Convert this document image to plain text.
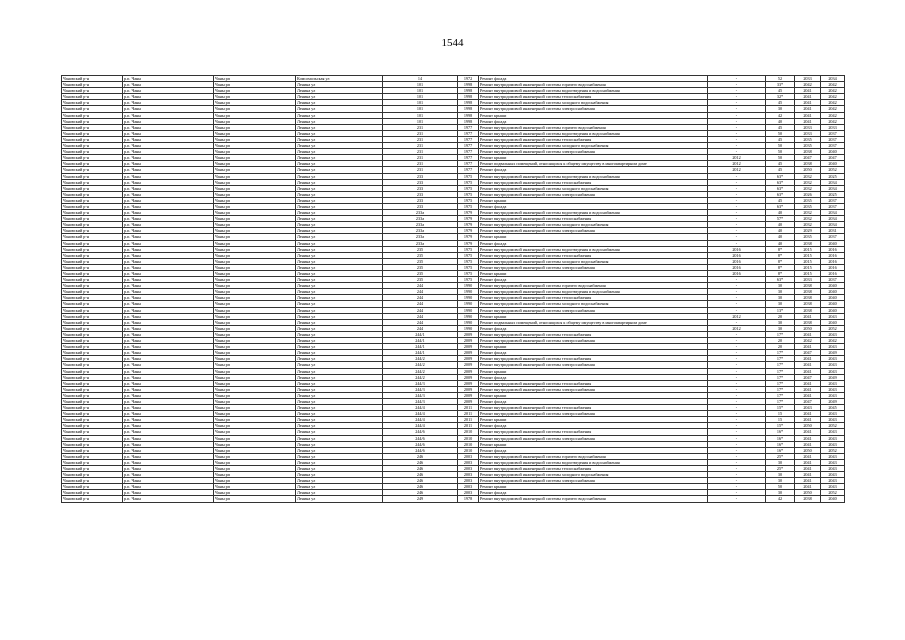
1544
Чановский р-н	р.п. Чаны	Чаны рп	Комсомольская ул	14	1972	Ремонт фасада	-	52	2033	2034
Чановский р-н	р.п. Чаны	Чаны рп	Ленина ул	101	1998	Ремонт внутридомовой инженерной системы горячего водоснабжения	-	33*	2042	2042
Чановский р-н	р.п. Чаны	Чаны рп	Ленина ул	101	1998	Ремонт внутридомовой инженерной системы водоотведения и водоснабжения	-	45	2041	2042
Чановский р-н	р.п. Чаны	Чаны рп	Ленина ул	101	1998	Ремонт внутридомовой инженерной системы теплоснабжения	-	32*	2041	2042
Чановский р-н	р.п. Чаны	Чаны рп	Ленина ул	101	1998	Ремонт внутридомовой инженерной системы холодного водоснабжения	-	45	2041	2042
Чановский р-н	р.п. Чаны	Чаны рп	Ленина ул	101	1998	Ремонт внутридомовой инженерной системы электроснабжения	-	30	2041	2042
Чановский р-н	р.п. Чаны	Чаны рп	Ленина ул	101	1998	Ремонт крыши	-	42	2041	2042
Чановский р-н	р.п. Чаны	Чаны рп	Ленина ул	101	1998	Ремонт фасада	-	40	2041	2042
Чановский р-н	р.п. Чаны	Чаны рп	Ленина ул	231	1977	Ремонт внутридомовой инженерной системы горячего водоснабжения	-	45	2033	2033
Чановский р-н	р.п. Чаны	Чаны рп	Ленина ул	231	1977	Ремонт внутридомовой инженерной системы водоотведения и водоснабжения	-	50	2033	2037
Чановский р-н	р.п. Чаны	Чаны рп	Ленина ул	231	1977	Ремонт внутридомовой инженерной системы теплоснабжения	-	45	2035	2037
Чановский р-н	р.п. Чаны	Чаны рп	Ленина ул	231	1977	Ремонт внутридомовой инженерной системы холодного водоснабжения	-	50	2035	2037
Чановский р-н	р.п. Чаны	Чаны рп	Ленина ул	231	1977	Ремонт внутридомовой инженерной системы электроснабжения	-	50	2038	2040
Чановский р-н	р.п. Чаны	Чаны рп	Ленина ул	231	1977	Ремонт крыши	2012	50	2047	2047
Чановский р-н	р.п. Чаны	Чаны рп	Ленина ул	231	1977	Ремонт подвальных помещений, относящихся к общему имуществу в многоквартирном доме	2012	45	2038	2040
Чановский р-н	р.п. Чаны	Чаны рп	Ленина ул	231	1977	Ремонт фасада	2012	45	2050	2052
Чановский р-н	р.п. Чаны	Чаны рп	Ленина ул	233	1975	Ремонт внутридомовой инженерной системы водоотведения и водоснабжения	-	63*	2032	2025
Чановский р-н	р.п. Чаны	Чаны рп	Ленина ул	233	1975	Ремонт внутридомовой инженерной системы теплоснабжения	-	63*	2032	2034
Чановский р-н	р.п. Чаны	Чаны рп	Ленина ул	233	1975	Ремонт внутридомовой инженерной системы холодного водоснабжения	-	63*	2032	2034
Чановский р-н	р.п. Чаны	Чаны рп	Ленина ул	233	1975	Ремонт внутридомовой инженерной системы электроснабжения	-	63*	2026	2025
Чановский р-н	р.п. Чаны	Чаны рп	Ленина ул	233	1975	Ремонт крыши	-	45	2035	2037
Чановский р-н	р.п. Чаны	Чаны рп	Ленина ул	233	1975	Ремонт фасада	-	63*	2035	2037
Чановский р-н	р.п. Чаны	Чаны рп	Ленина ул	233а	1979	Ремонт внутридомовой инженерной системы водоотведения и водоснабжения	-	40	2032	2034
Чановский р-н	р.п. Чаны	Чаны рп	Ленина ул	233а	1979	Ремонт внутридомовой инженерной системы теплоснабжения	-	57*	2032	2034
Чановский р-н	р.п. Чаны	Чаны рп	Ленина ул	233а	1979	Ремонт внутридомовой инженерной системы холодного водоснабжения	-	40	2032	2034
Чановский р-н	р.п. Чаны	Чаны рп	Ленина ул	233а	1979	Ремонт внутридомовой инженерной системы электроснабжения	-	40	2029	2031
Чановский р-н	р.п. Чаны	Чаны рп	Ленина ул	233а	1979	Ремонт крыши	-	40	2035	2037
Чановский р-н	р.п. Чаны	Чаны рп	Ленина ул	233а	1979	Ремонт фасада	-	40	2038	2040
Чановский р-н	р.п. Чаны	Чаны рп	Ленина ул	235	1975	Ремонт внутридомовой инженерной системы водоотведения и водоснабжения	2016	8*	2015	2016
Чановский р-н	р.п. Чаны	Чаны рп	Ленина ул	235	1975	Ремонт внутридомовой инженерной системы теплоснабжения	2016	8*	2015	2016
Чановский р-н	р.п. Чаны	Чаны рп	Ленина ул	235	1975	Ремонт внутридомовой инженерной системы холодного водоснабжения	2016	8*	2015	2016
Чановский р-н	р.п. Чаны	Чаны рп	Ленина ул	235	1975	Ремонт внутридомовой инженерной системы электроснабжения	2016	8*	2015	2016
Чановский р-н	р.п. Чаны	Чаны рп	Ленина ул	235	1975	Ремонт крыши	2016	8*	2015	2016
Чановский р-н	р.п. Чаны	Чаны рп	Ленина ул	235	1975	Ремонт фасада	-	63*	2033	2037
Чановский р-н	р.п. Чаны	Чаны рп	Ленина ул	244	1990	Ремонт внутридомовой инженерной системы горячего водоснабжения	-	30	2038	2040
Чановский р-н	р.п. Чаны	Чаны рп	Ленина ул	244	1990	Ремонт внутридомовой инженерной системы водоотведения и водоснабжения	-	30	2038	2040
Чановский р-н	р.п. Чаны	Чаны рп	Ленина ул	244	1990	Ремонт внутридомовой инженерной системы теплоснабжения	-	30	2038	2040
Чановский р-н	р.п. Чаны	Чаны рп	Ленина ул	244	1990	Ремонт внутридомовой инженерной системы холодного водоснабжения	-	30	2038	2040
Чановский р-н	р.п. Чаны	Чаны рп	Ленина ул	244	1990	Ремонт внутридомовой инженерной системы электроснабжения	-	13*	2038	2040
Чановский р-н	р.п. Чаны	Чаны рп	Ленина ул	244	1990	Ремонт крыши	2012	20	2041	2043
Чановский р-н	р.п. Чаны	Чаны рп	Ленина ул	244	1990	Ремонт подвальных помещений, относящихся к общему имуществу в многоквартирном доме	-	30	2038	2040
Чановский р-н	р.п. Чаны	Чаны рп	Ленина ул	244	1990	Ремонт фасада	2012	30	2050	2052
Чановский р-н	р.п. Чаны	Чаны рп	Ленина ул	244/1	2009	Ремонт внутридомовой инженерной системы теплоснабжения	-	17*	2041	2043
Чановский р-н	р.п. Чаны	Чаны рп	Ленина ул	244/1	2009	Ремонт внутридомовой инженерной системы электроснабжения	-	20	2042	2042
Чановский р-н	р.п. Чаны	Чаны рп	Ленина ул	244/1	2009	Ремонт крыши	-	20	2041	2043
Чановский р-н	р.п. Чаны	Чаны рп	Ленина ул	244/1	2009	Ремонт фасада	-	17*	2047	2049
Чановский р-н	р.п. Чаны	Чаны рп	Ленина ул	244/2	2009	Ремонт внутридомовой инженерной системы теплоснабжения	-	17*	2041	2043
Чановский р-н	р.п. Чаны	Чаны рп	Ленина ул	244/2	2009	Ремонт внутридомовой инженерной системы электроснабжения	-	17*	2041	2043
Чановский р-н	р.п. Чаны	Чаны рп	Ленина ул	244/2	2009	Ремонт крыши	-	17*	2041	2043
Чановский р-н	р.п. Чаны	Чаны рп	Ленина ул	244/2	2009	Ремонт фасада	-	17*	2047	2049
Чановский р-н	р.п. Чаны	Чаны рп	Ленина ул	244/3	2009	Ремонт внутридомовой инженерной системы теплоснабжения	-	17*	2041	2043
Чановский р-н	р.п. Чаны	Чаны рп	Ленина ул	244/3	2009	Ремонт внутридомовой инженерной системы электроснабжения	-	17*	2041	2043
Чановский р-н	р.п. Чаны	Чаны рп	Ленина ул	244/3	2009	Ремонт крыши	-	17*	2041	2043
Чановский р-н	р.п. Чаны	Чаны рп	Ленина ул	244/3	2009	Ремонт фасада	-	17*	2047	2049
Чановский р-н	р.п. Чаны	Чаны рп	Ленина ул	244/4	2011	Ремонт внутридомовой инженерной системы теплоснабжения	-	15*	2043	2045
Чановский р-н	р.п. Чаны	Чаны рп	Ленина ул	244/4	2011	Ремонт внутридомовой инженерной системы электроснабжения	-	15	2041	2043
Чановский р-н	р.п. Чаны	Чаны рп	Ленина ул	244/4	2011	Ремонт крыши	-	15	2041	2043
Чановский р-н	р.п. Чаны	Чаны рп	Ленина ул	244/4	2011	Ремонт фасада	-	15*	2050	2052
Чановский р-н	р.п. Чаны	Чаны рп	Ленина ул	244/6	2010	Ремонт внутридомовой инженерной системы теплоснабжения	-	16*	2041	2043
Чановский р-н	р.п. Чаны	Чаны рп	Ленина ул	244/6	2010	Ремонт внутридомовой инженерной системы электроснабжения	-	16*	2041	2043
Чановский р-н	р.п. Чаны	Чаны рп	Ленина ул	244/6	2010	Ремонт крыши	-	16*	2041	2043
Чановский р-н	р.п. Чаны	Чаны рп	Ленина ул	244/6	2010	Ремонт фасада	-	16*	2050	2052
Чановский р-н	р.п. Чаны	Чаны рп	Ленина ул	246	2003	Ремонт внутридомовой инженерной системы горячего водоснабжения	-	25*	2041	2043
Чановский р-н	р.п. Чаны	Чаны рп	Ленина ул	246	2003	Ремонт внутридомовой инженерной системы водоотведения и водоснабжения	-	30	2041	2043
Чановский р-н	р.п. Чаны	Чаны рп	Ленина ул	246	2003	Ремонт внутридомовой инженерной системы теплоснабжения	-	25*	2041	2043
Чановский р-н	р.п. Чаны	Чаны рп	Ленина ул	246	2003	Ремонт внутридомовой инженерной системы холодного водоснабжения	-	30	2041	2043
Чановский р-н	р.п. Чаны	Чаны рп	Ленина ул	246	2003	Ремонт внутридомовой инженерной системы электроснабжения	-	30	2041	2043
Чановский р-н	р.п. Чаны	Чаны рп	Ленина ул	246	2003	Ремонт крыши	-	50	2041	2043
Чановский р-н	р.п. Чаны	Чаны рп	Ленина ул	246	2003	Ремонт фасада	-	30	2050	2052
Чановский р-н	р.п. Чаны	Чаны рп	Ленина ул	249	1978	Ремонт внутридомовой инженерной системы горячего водоснабжения	-	42	2038	2040
